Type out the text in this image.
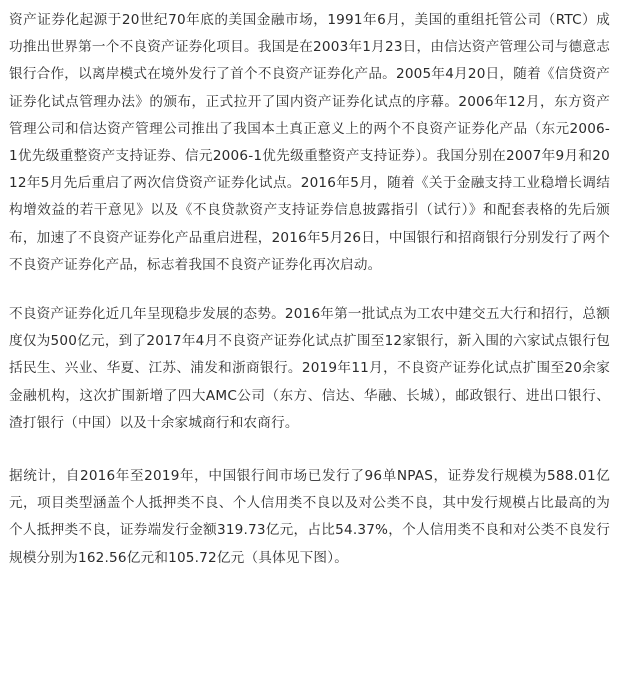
资产证券化起源于20世纪70年底的美国金融市场，1991年6月，美国的重组托管公司（RTC）成功推出世界第一个不良资产证券化项目。我国是在2003年1月23日，由信达资产管理公司与德意志银行合作，以离岸模式在境外发行了首个不良资产证券化产品。2005年4月20日，随着《信贷资产证券化试点管理办法》的颁布，正式拉开了国内资产证券化试点的序幕。2006年12月，东方资产管理公司和信达资产管理公司推出了我国本土真正意义上的两个不良资产证券化产品（东元2006-1优先级重整资产支持证券、信元2006-1优先级重整资产支持证券）。我国分别在2007年9月和2012年5月先后重启了两次信贷资产证券化试点。2016年5月，随着《关于金融支持工业稳增长调结构增效益的若干意见》以及《不良贷款资产支持证券信息披露指引（试行）》和配套表格的先后颁布，加速了不良资产证券化产品重启进程，2016年5月26日，中国银行和招商银行分别发行了两个不良资产证券化产品，标志着我国不良资产证券化再次启动。

不良资产证券化近几年呈现稳步发展的态势。2016年第一批试点为工农中建交五大行和招行，总额度仅为500亿元，到了2017年4月不良资产证券化试点扩围至12家银行，新入围的六家试点银行包括民生、兴业、华夏、江苏、浦发和浙商银行。2019年11月，不良资产证券化试点扩围至20余家金融机构，这次扩围新增了四大AMC公司（东方、信达、华融、长城），邮政银行、进出口银行、渣打银行（中国）以及十余家城商行和农商行。

据统计，自2016年至2019年，中国银行间市场已发行了96单NPAS，证券发行规模为588.01亿元，项目类型涵盖个人抵押类不良、个人信用类不良以及对公类不良，其中发行规模占比最高的为个人抵押类不良，证券端发行金额319.73亿元，占比54.37%，个人信用类不良和对公类不良发行规模分别为162.56亿元和105.72亿元（具体见下图）。
